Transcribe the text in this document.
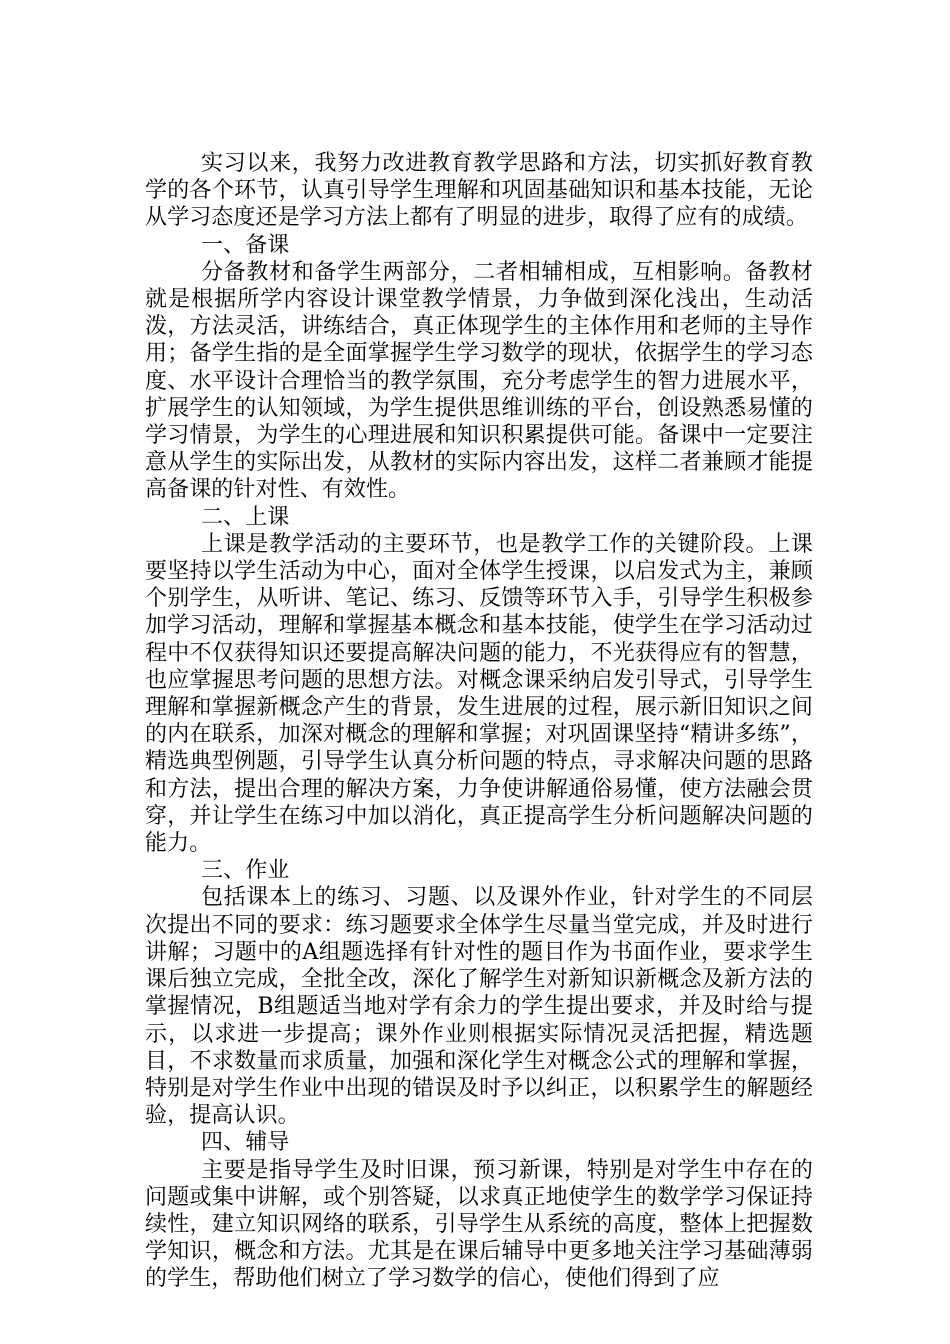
实习以来，我努力改进教育教学思路和方法，切实抓好教育教学的各个环节，认真引导学生理解和巩固基础知识和基本技能，无论从学习态度还是学习方法上都有了明显的进步，取得了应有的成绩。

一、备课

分备教材和备学生两部分，二者相辅相成，互相影响。备教材就是根据所学内容设计课堂教学情景，力争做到深化浅出，生动活泼，方法灵活，讲练结合，真正体现学生的主体作用和老师的主导作用；备学生指的是全面掌握学生学习数学的现状，依据学生的学习态度、水平设计合理恰当的教学氛围，充分考虑学生的智力进展水平，扩展学生的认知领域，为学生提供思维训练的平台，创设熟悉易懂的学习情景，为学生的心理进展和知识积累提供可能。备课中一定要注意从学生的实际出发，从教材的实际内容出发，这样二者兼顾才能提高备课的针对性、有效性。

二、上课

上课是教学活动的主要环节，也是教学工作的关键阶段。上课要坚持以学生活动为中心，面对全体学生授课，以启发式为主，兼顾个别学生，从听讲、笔记、练习、反馈等环节入手，引导学生积极参加学习活动，理解和掌握基本概念和基本技能，使学生在学习活动过程中不仅获得知识还要提高解决问题的能力，不光获得应有的智慧，也应掌握思考问题的思想方法。对概念课采纳启发引导式，引导学生理解和掌握新概念产生的背景，发生进展的过程，展示新旧知识之间的内在联系，加深对概念的理解和掌握；对巩固课坚持“精讲多练”，精选典型例题，引导学生认真分析问题的特点，寻求解决问题的思路和方法，提出合理的解决方案，力争使讲解通俗易懂，使方法融会贯穿，并让学生在练习中加以消化，真正提高学生分析问题解决问题的能力。

三、作业

包括课本上的练习、习题、以及课外作业，针对学生的不同层次提出不同的要求：练习题要求全体学生尽量当堂完成，并及时进行讲解；习题中的A组题选择有针对性的题目作为书面作业，要求学生课后独立完成，全批全改，深化了解学生对新知识新概念及新方法的掌握情况，B组题适当地对学有余力的学生提出要求，并及时给与提示，以求进一步提高；课外作业则根据实际情况灵活把握，精选题目，不求数量而求质量，加强和深化学生对概念公式的理解和掌握，特别是对学生作业中出现的错误及时予以纠正，以积累学生的解题经验，提高认识。

四、辅导

主要是指导学生及时旧课，预习新课，特别是对学生中存在的问题或集中讲解，或个别答疑，以求真正地使学生的数学学习保证持续性，建立知识网络的联系，引导学生从系统的高度，整体上把握数学知识，概念和方法。尤其是在课后辅导中更多地关注学习基础薄弱的学生，帮助他们树立了学习数学的信心，使他们得到了应
